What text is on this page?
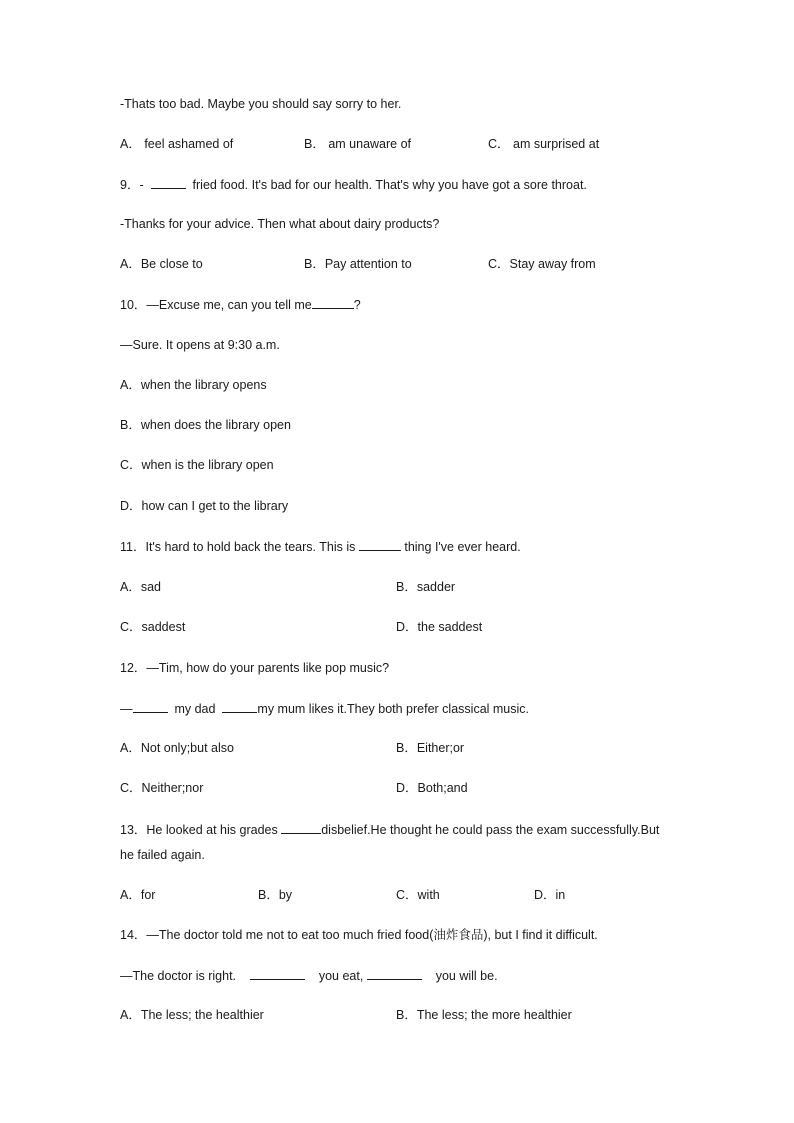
-Thats too bad. Maybe you should say sorry to her.
A． feel ashamed of	B． am unaware of	C． am surprised at
9．-	fried food. It's bad for our health. That's why you have got a sore throat.
-Thanks for your advice. Then what about dairy products?
A．Be close to	B．Pay attention to	C．Stay away from
10．—Excuse me, can you tell me	?
—Sure. It opens at 9:30 a.m.
A．when the library opens
B．when does the library open
C．when is the library open
D．how can I get to the library
11．It's hard to hold back the tears. This is	thing I've ever heard.
A．sad	B．sadder
C．saddest	D．the saddest
12．—Tim, how do your parents like pop music?
—	my dad	my mum likes it.They both prefer classical music.
A．Not only;but also	B．Either;or
C．Neither;nor	D．Both;and
13．He looked at his grades	disbelief.He thought he could pass the exam successfully.But
he failed again.
A．for	B．by	C．with	D．in
14．—The doctor told me not to eat too much fried food(油炸食品), but I find it difficult.
—The doctor is right.	you eat,	you will be.
A．The less; the healthier	B．The less; the more healthier
